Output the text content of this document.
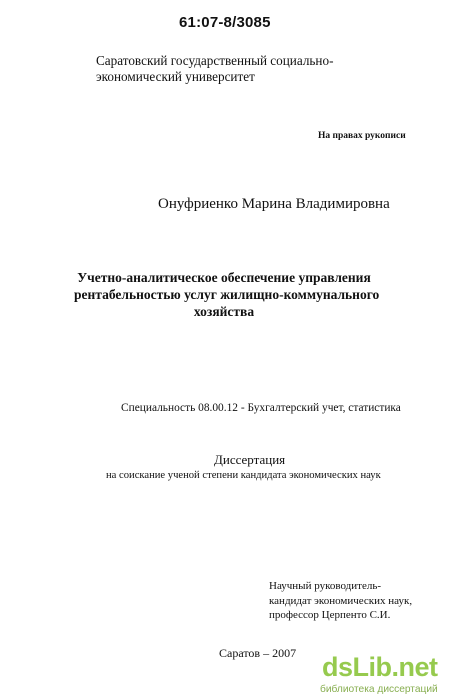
61:07-8/3085
Саратовский государственный социально-экономический университет
На правах рукописи
Онуфриенко Марина Владимировна
Учетно-аналитическое обеспечение управления
рентабельностью услуг жилищно-коммунального
хозяйства
Специальность 08.00.12 - Бухгалтерский учет, статистика
Диссертация
на соискание ученой степени кандидата экономических наук
Научный руководитель-
кандидат экономических наук,
профессор Церпенто С.И.
Саратов – 2007 dsLib.net
библиотека диссертаций
